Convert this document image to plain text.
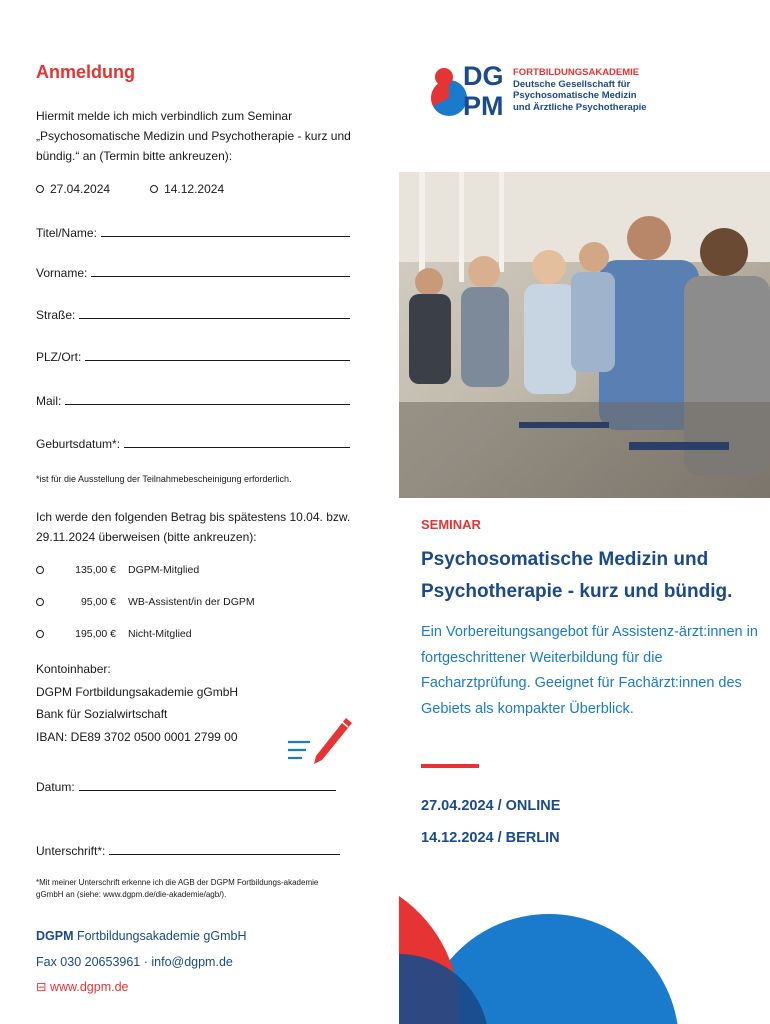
Anmeldung
Hiermit melde ich mich verbindlich zum Seminar „Psychosomatische Medizin und Psychotherapie - kurz und bündig.“ an (Termin bitte ankreuzen):
27.04.2024	14.12.2024
Titel/Name:
Vorname:
Straße:
PLZ/Ort:
Mail:
Geburtsdatum*:
*ist für die Ausstellung der Teilnahmebescheinigung erforderlich.
Ich werde den folgenden Betrag bis spätestens 10.04. bzw. 29.11.2024 überweisen (bitte ankreuzen):
135,00 € DGPM-Mitglied
95,00 € WB-Assistent/in der DGPM
195,00 € Nicht-Mitglied
Kontoinhaber:
DGPM Fortbildungsakademie gGmbH
Bank für Sozialwirtschaft
IBAN: DE89 3702 0500 0001 2799 00
Datum:
Unterschrift*:
*Mit meiner Unterschrift erkenne ich die AGB der DGPM Fortbildungs-akademie gGmbH an (siehe: www.dgpm.de/die-akademie/agb/).
DGPM Fortbildungsakademie gGmbH
Fax 030 20653961 · info@dgpm.de
⊟ www.dgpm.de
DG
PM
FORTBILDUNGSAKADEMIE
Deutsche Gesellschaft für
Psychosomatische Medizin
und Ärztliche Psychotherapie
SEMINAR
Psychosomatische Medizin und Psychotherapie - kurz und bündig.
Ein Vorbereitungsangebot für Assistenz-ärzt:innen in fortgeschrittener Weiterbildung für die Facharztprüfung. Geeignet für Fachärzt:innen des Gebiets als kompakter Überblick.
27.04.2024 / ONLINE
14.12.2024 / BERLIN
